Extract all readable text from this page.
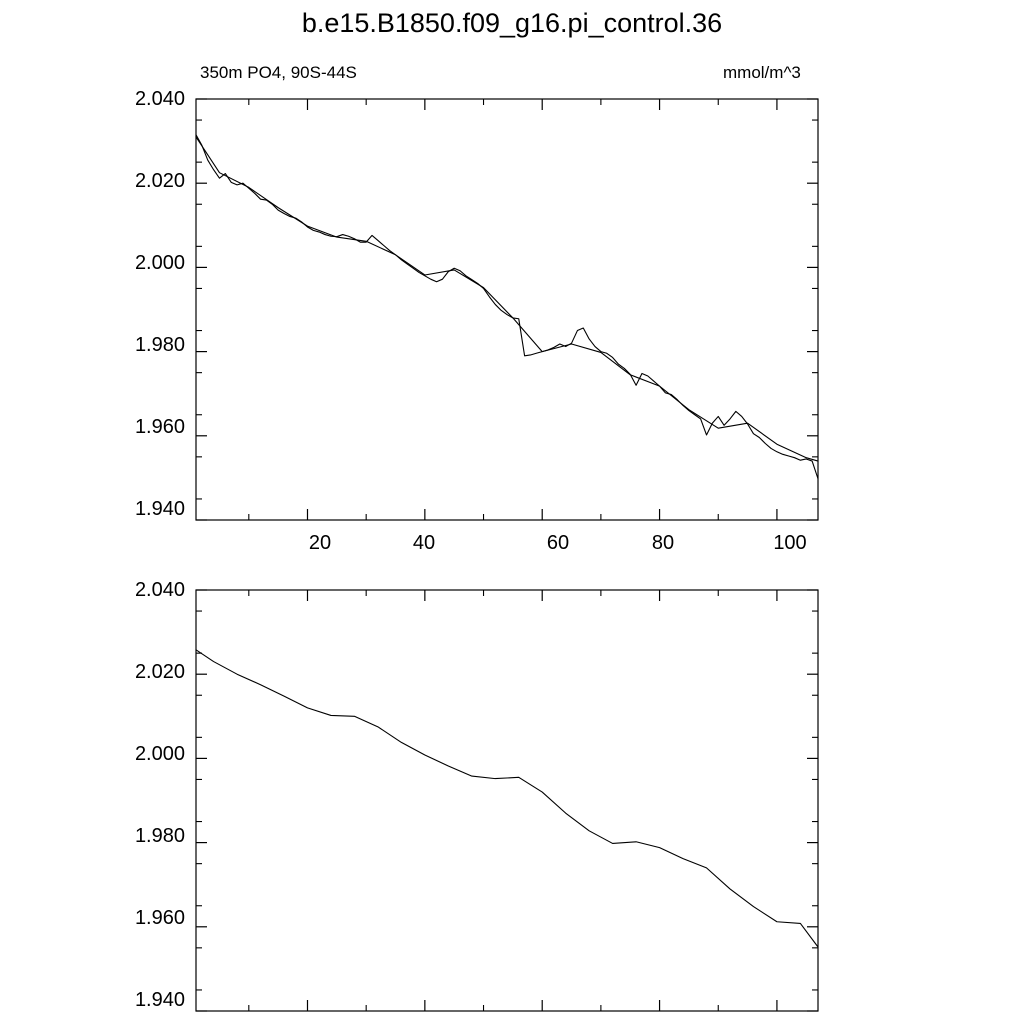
b.e15.B1850.f09_g16.pi_control.36
350m PO4, 90S-44S	mmol/m^3
2.040
2.020
2.000
1.980
1.960
1.940
20	40	60	80	100
2.040
2.020
2.000
1.980
1.960
1.940
